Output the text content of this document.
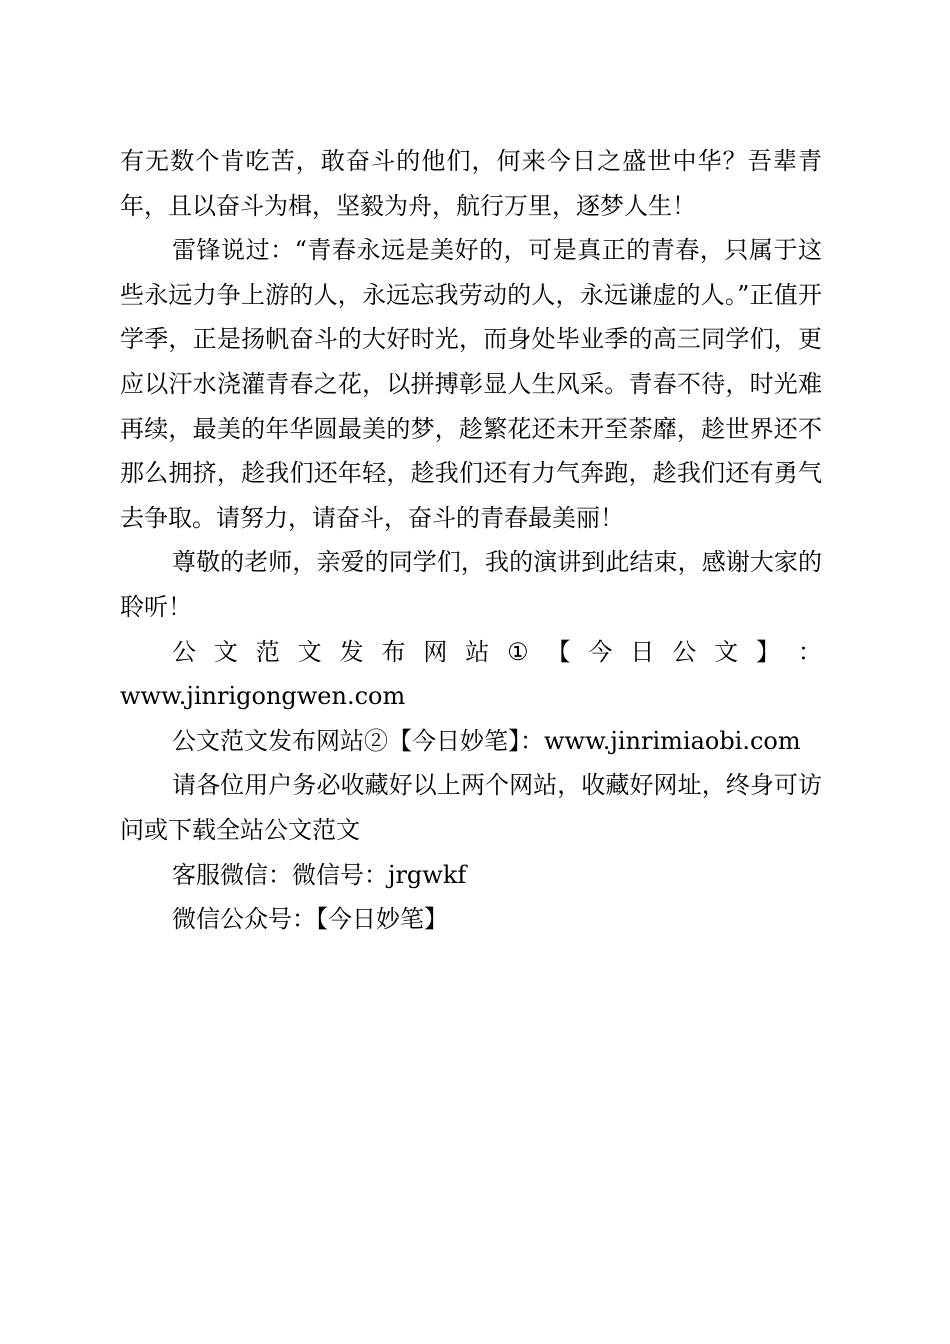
有无数个肯吃苦，敢奋斗的他们，何来今日之盛世中华？吾辈青年，且以奋斗为楫，坚毅为舟，航行万里，逐梦人生！

雷锋说过：“青春永远是美好的，可是真正的青春，只属于这些永远力争上游的人，永远忘我劳动的人，永远谦虚的人。”正值开学季，正是扬帆奋斗的大好时光，而身处毕业季的高三同学们，更应以汗水浇灌青春之花，以拼搏彰显人生风采。青春不待，时光难再续，最美的年华圆最美的梦，趁繁花还未开至荼靡，趁世界还不那么拥挤，趁我们还年轻，趁我们还有力气奔跑，趁我们还有勇气去争取。请努力，请奋斗，奋斗的青春最美丽！

尊敬的老师，亲爱的同学们，我的演讲到此结束，感谢大家的聆听！

公 文 范 文 发 布 网 站 ① 【 今 日 公 文 】 ：

www.jinrigongwen.com

公文范文发布网站②【今日妙笔】：www.jinrimiaobi.com

请各位用户务必收藏好以上两个网站，收藏好网址，终身可访问或下载全站公文范文

客服微信：微信号：jrgwkf

微信公众号：【今日妙笔】
